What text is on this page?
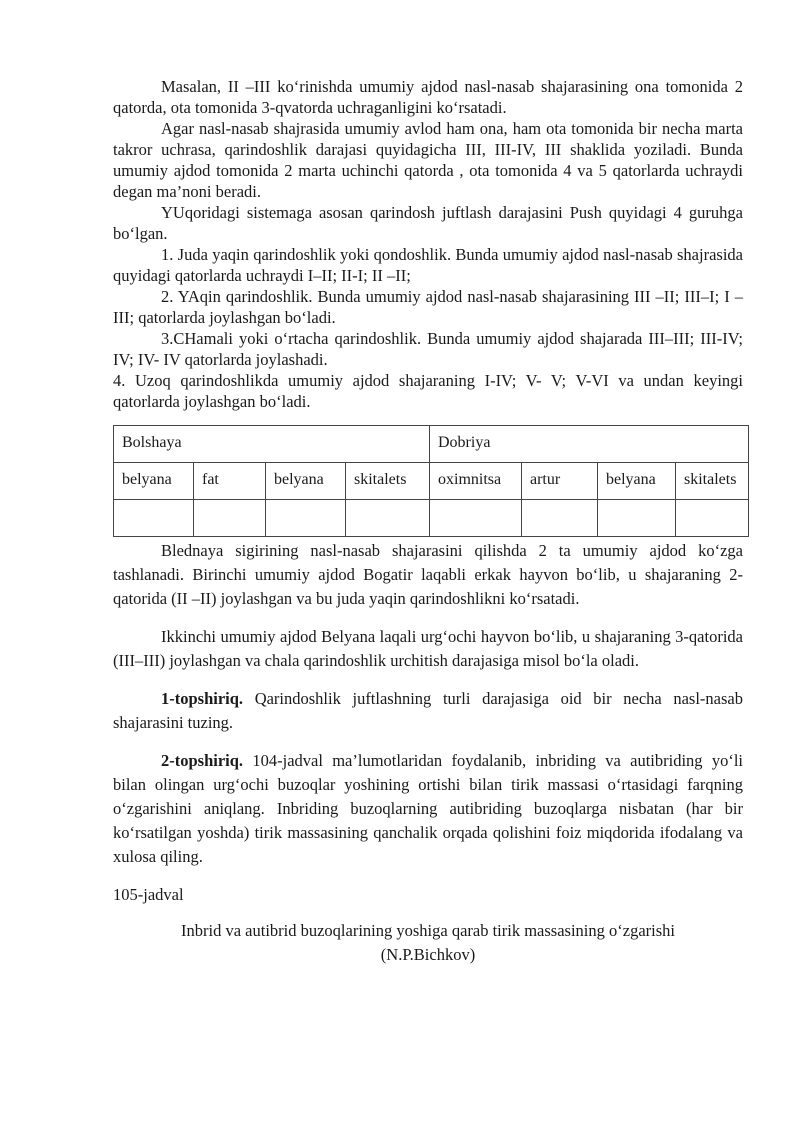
Masalan, II –III ko‘rinishda umumiy ajdod nasl-nasab shajarasining ona tomonida 2 qatorda, ota tomonida 3-qvatorda uchraganligini ko‘rsatadi.

Agar nasl-nasab shajrasida umumiy avlod ham ona, ham ota tomonida bir necha marta takror uchrasa, qarindoshlik darajasi quyidagicha III, III-IV, III shaklida yoziladi. Bunda umumiy ajdod tomonida 2 marta uchinchi qatorda , ota tomonida 4 va 5 qatorlarda uchraydi degan ma’noni beradi.

YUqoridagi sistemaga asosan qarindosh juftlash darajasini Push quyidagi 4 guruhga bo‘lgan.

1. Juda yaqin qarindoshlik yoki qondoshlik. Bunda umumiy ajdod nasl-nasab shajrasida quyidagi qatorlarda uchraydi I–II; II-I; II –II;

2. YAqin qarindoshlik. Bunda umumiy ajdod nasl-nasab shajarasining III –II; III–I; I –III; qatorlarda joylashgan bo‘ladi.

3.CHamali yoki o‘rtacha qarindoshlik. Bunda umumiy ajdod shajarada III–III; III-IV; IV; IV- IV qatorlarda joylashadi.

4. Uzoq qarindoshlikda umumiy ajdod shajaraning I-IV; V- V; V-VI va undan keyingi qatorlarda joylashgan bo‘ladi.

Bolshaya				Dobriya			
belyana	fat	belyana	skitalets	oximnitsa	artur	belyana	skitalets

Blednaya sigirining nasl-nasab shajarasini qilishda 2 ta umumiy ajdod ko‘zga tashlanadi. Birinchi umumiy ajdod Bogatir laqabli erkak hayvon bo‘lib, u shajaraning 2-qatorida (II –II) joylashgan va bu juda yaqin qarindoshlikni ko‘rsatadi.

Ikkinchi umumiy ajdod Belyana laqali urg‘ochi hayvon bo‘lib, u shajaraning 3-qatorida (III–III) joylashgan va chala qarindoshlik urchitish darajasiga misol bo‘la oladi.

1-topshiriq. Qarindoshlik juftlashning turli darajasiga oid bir necha nasl-nasab shajarasini tuzing.

2-topshiriq. 104-jadval ma’lumotlaridan foydalanib, inbriding va autibriding yo‘li bilan olingan urg‘ochi buzoqlar yoshining ortishi bilan tirik massasi o‘rtasidagi farqning o‘zgarishini aniqlang. Inbriding buzoqlarning autibriding buzoqlarga nisbatan (har bir ko‘rsatilgan yoshda) tirik massasining qanchalik orqada qolishini foiz miqdorida ifodalang va xulosa qiling.

105-jadval

Inbrid va autibrid buzoqlarining yoshiga qarab tirik massasining o‘zgarishi

(N.P.Bichkov)
